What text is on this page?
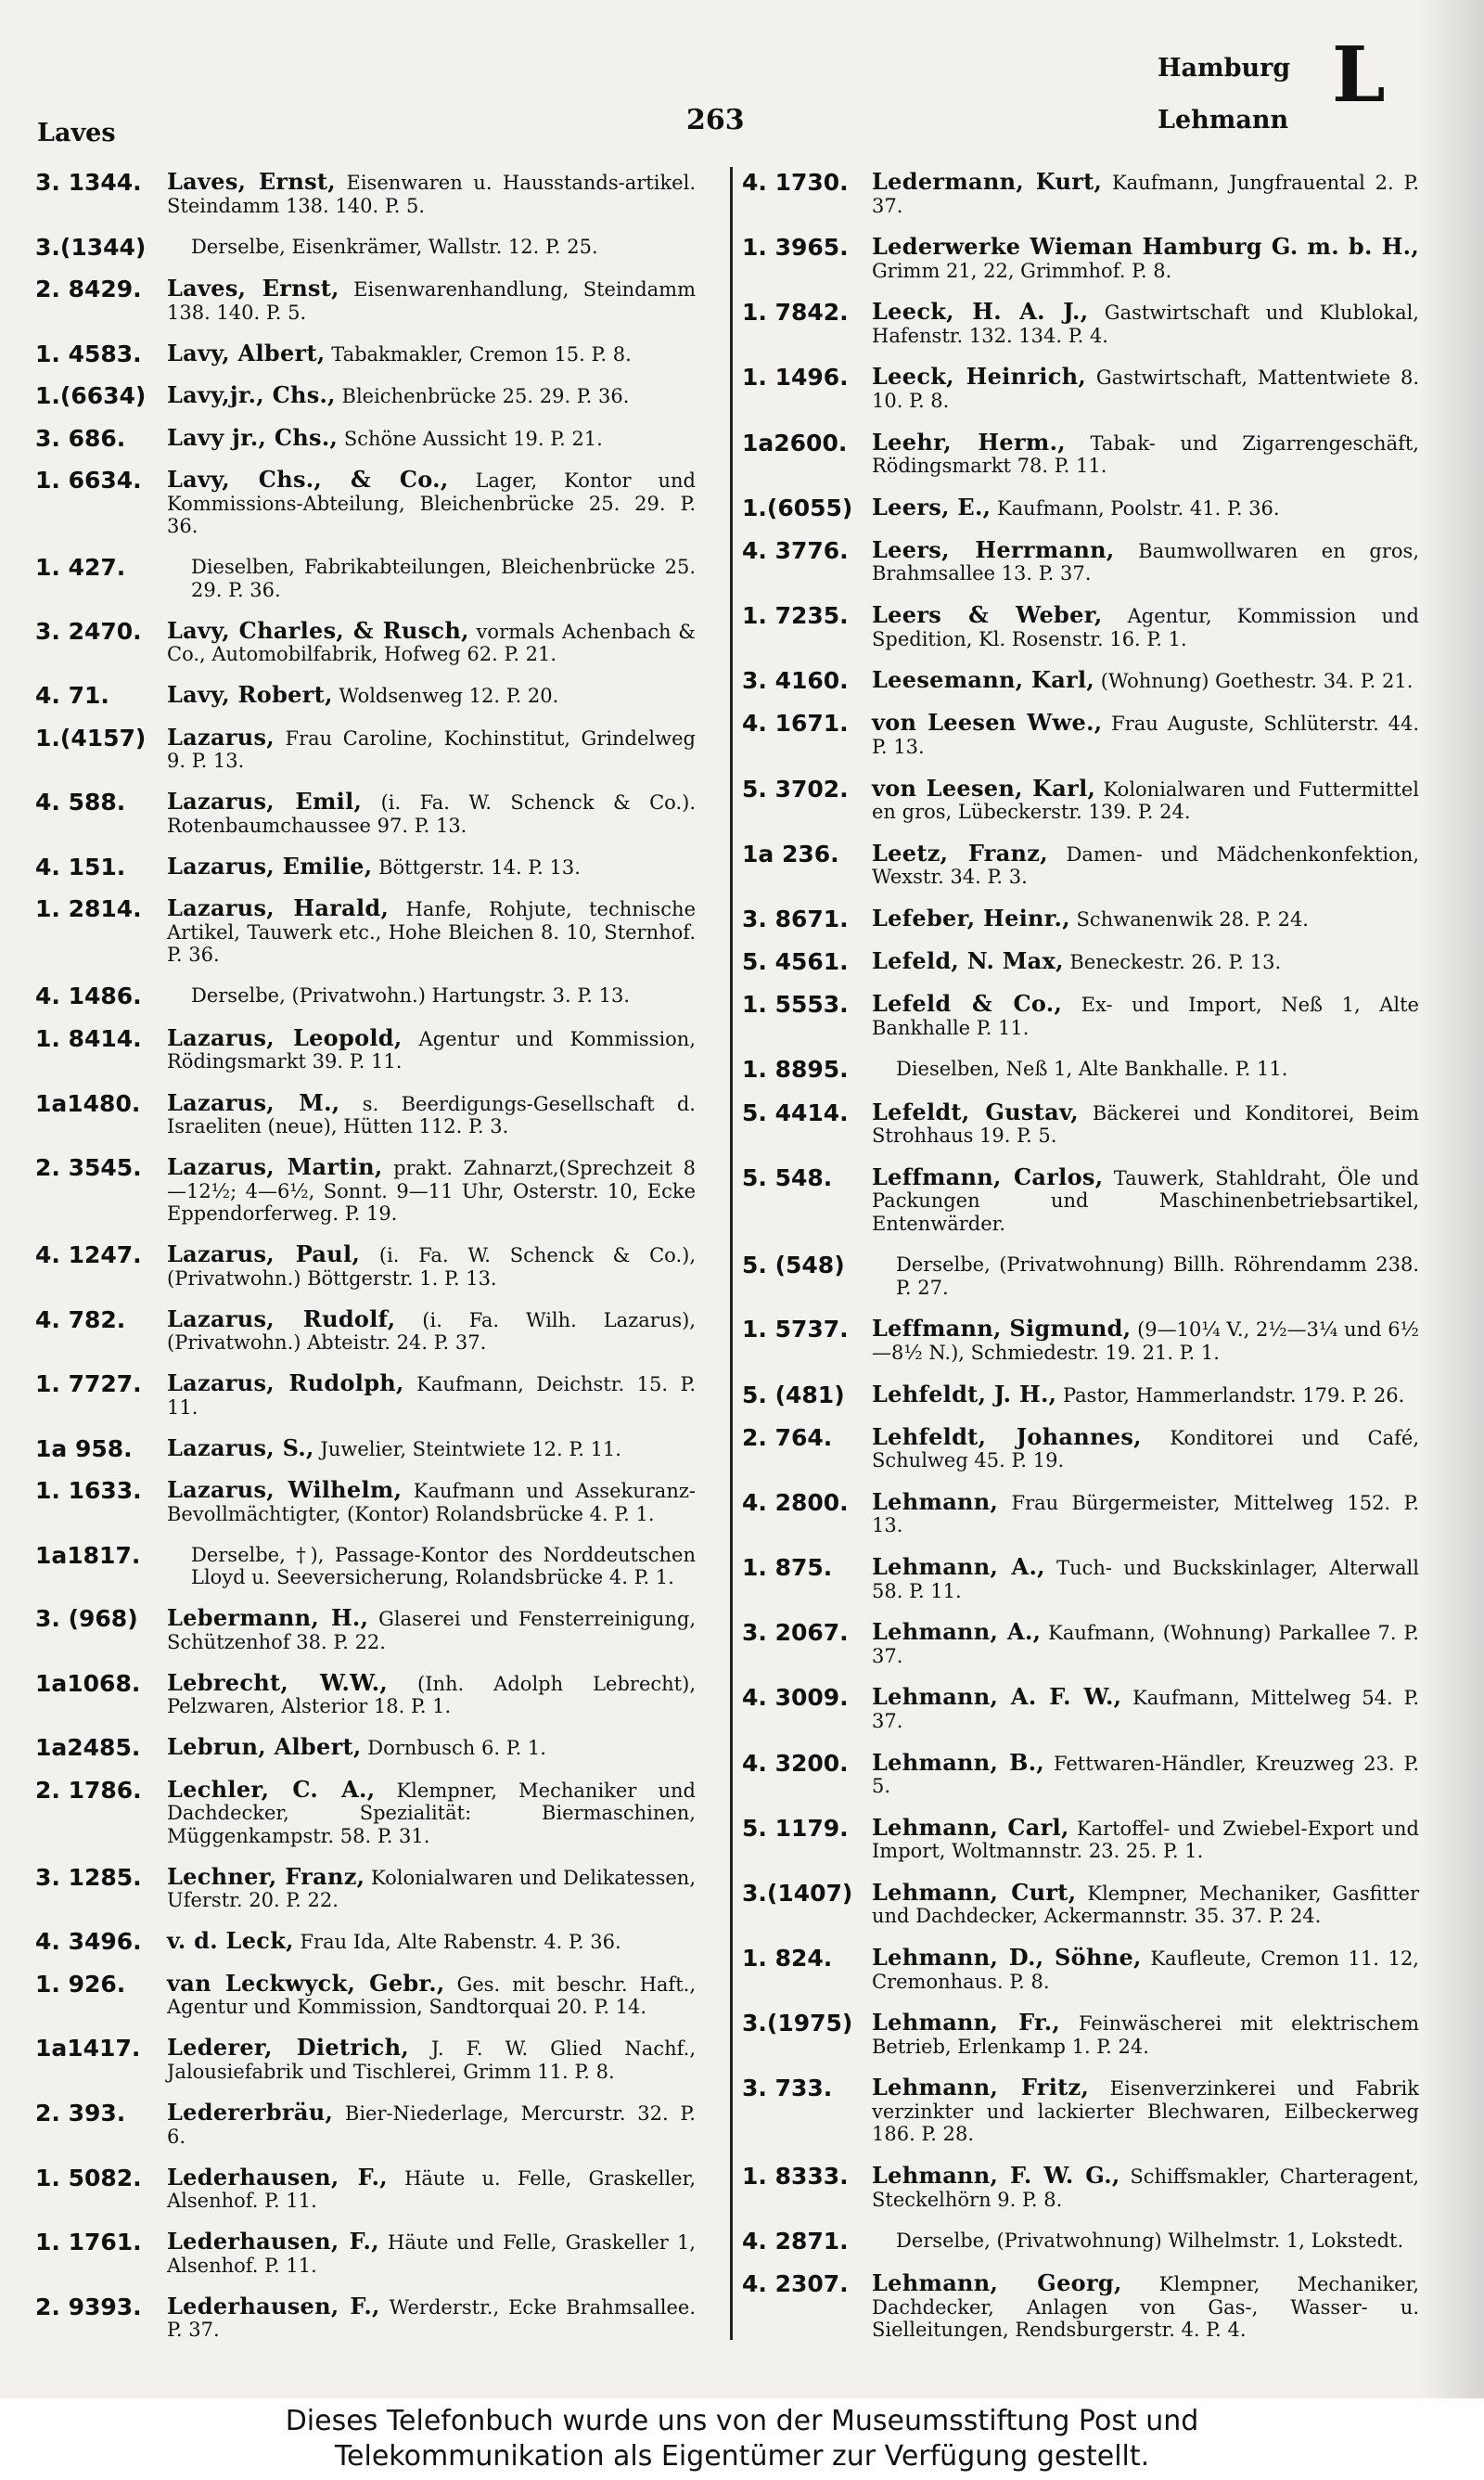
Laves	263
Hamburg
Lehmann
L
3. 1344.	Laves, Ernst, Eisenwaren u. Hausstands-artikel. Steindamm 138. 140. P. 5.
3.(1344)	Derselbe, Eisenkrämer, Wallstr. 12. P. 25.
2. 8429.	Laves, Ernst, Eisenwarenhandlung, Steindamm 138. 140. P. 5.
1. 4583.	Lavy, Albert, Tabakmakler, Cremon 15. P. 8.
1.(6634) Lavy,jr., Chs., Bleichenbrücke 25. 29. P. 36.
3. 686.	Lavy jr., Chs., Schöne Aussicht 19. P. 21.
1. 6634.	Lavy, Chs., & Co., Lager, Kontor und Kommissions-Abteilung, Bleichenbrücke 25. 29. P. 36.
1. 427.	Dieselben, Fabrikabteilungen, Bleichenbrücke 25. 29. P. 36.
3. 2470.	Lavy, Charles, & Rusch, vormals Achenbach & Co., Automobilfabrik, Hofweg 62. P. 21.
4. 71.	Lavy, Robert, Woldsenweg 12. P. 20.
1.(4157) Lazarus, Frau Caroline, Kochinstitut, Grindelweg 9. P. 13.
4. 588.	Lazarus, Emil, (i. Fa. W. Schenck & Co.). Rotenbaumchaussee 97. P. 13.
4. 151.	Lazarus, Emilie, Böttgerstr. 14. P. 13.
1. 2814.	Lazarus, Harald, Hanfe, Rohjute, technische Artikel, Tauwerk etc., Hohe Bleichen 8. 10, Sternhof. P. 36.
4. 1486.	Derselbe, (Privatwohn.) Hartungstr. 3. P. 13.
1. 8414.	Lazarus, Leopold, Agentur und Kommission, Rödingsmarkt 39. P. 11.
1a1480.	Lazarus, M., s. Beerdigungs-Gesellschaft d. Israeliten (neue), Hütten 112. P. 3.
2. 3545.	Lazarus, Martin, prakt. Zahnarzt,(Sprechzeit 8—12½; 4—6½, Sonnt. 9—11 Uhr, Osterstr. 10, Ecke Eppendorferweg. P. 19.
4. 1247.	Lazarus, Paul, (i. Fa. W. Schenck & Co.), (Privatwohn.) Böttgerstr. 1. P. 13.
4. 782.	Lazarus, Rudolf, (i. Fa. Wilh. Lazarus), (Privatwohn.) Abteistr. 24. P. 37.
1. 7727.	Lazarus, Rudolph, Kaufmann, Deichstr. 15. P. 11.
1a 958.	Lazarus, S., Juwelier, Steintwiete 12. P. 11.
1. 1633.	Lazarus, Wilhelm, Kaufmann und Assekuranz-Bevollmächtigter, (Kontor) Rolandsbrücke 4. P. 1.
1a1817.	Derselbe, †), Passage-Kontor des Norddeutschen Lloyd u. Seeversicherung, Rolandsbrücke 4. P. 1.
3. (968)	Lebermann, H., Glaserei und Fensterreinigung, Schützenhof 38. P. 22.
1a1068.	Lebrecht, W.W., (Inh. Adolph Lebrecht), Pelzwaren, Alsterior 18. P. 1.
1a2485.	Lebrun, Albert, Dornbusch 6. P. 1.
2. 1786.	Lechler, C. A., Klempner, Mechaniker und Dachdecker, Spezialität: Biermaschinen, Müggenkampstr. 58. P. 31.
3. 1285.	Lechner, Franz, Kolonialwaren und Delikatessen, Uferstr. 20. P. 22.
4. 3496.	v. d. Leck, Frau Ida, Alte Rabenstr. 4. P. 36.
1. 926.	van Leckwyck, Gebr., Ges. mit beschr. Haft., Agentur und Kommission, Sandtorquai 20. P. 14.
1a1417.	Lederer, Dietrich, J. F. W. Glied Nachf., Jalousiefabrik und Tischlerei, Grimm 11. P. 8.
2. 393.	Ledererbräu, Bier-Niederlage, Mercurstr. 32. P. 6.
1. 5082.	Lederhausen, F., Häute u. Felle, Graskeller, Alsenhof. P. 11.
1. 1761.	Lederhausen, F., Häute und Felle, Graskeller 1, Alsenhof. P. 11.
2. 9393.	Lederhausen, F., Werderstr., Ecke Brahmsallee. P. 37.
4. 1730.	Ledermann, Kurt, Kaufmann, Jungfrauental 2. P. 37.
1. 3965.	Lederwerke Wieman Hamburg G. m. b. H., Grimm 21, 22, Grimmhof. P. 8.
1. 7842.	Leeck, H. A. J., Gastwirtschaft und Klublokal, Hafenstr. 132. 134. P. 4.
1. 1496.	Leeck, Heinrich, Gastwirtschaft, Mattentwiete 8. 10. P. 8.
1a2600.	Leehr, Herm., Tabak- und Zigarrengeschäft, Rödingsmarkt 78. P. 11.
1.(6055) Leers, E., Kaufmann, Poolstr. 41. P. 36.
4. 3776.	Leers, Herrmann, Baumwollwaren en gros, Brahmsallee 13. P. 37.
1. 7235.	Leers & Weber, Agentur, Kommission und Spedition, Kl. Rosenstr. 16. P. 1.
3. 4160.	Leesemann, Karl, (Wohnung) Goethestr. 34. P. 21.
4. 1671.	von Leesen Wwe., Frau Auguste, Schlüterstr. 44. P. 13.
5. 3702.	von Leesen, Karl, Kolonialwaren und Futtermittel en gros, Lübeckerstr. 139. P. 24.
1a 236.	Leetz, Franz, Damen- und Mädchenkonfektion, Wexstr. 34. P. 3.
3. 8671.	Lefeber, Heinr., Schwanenwik 28. P. 24.
5. 4561.	Lefeld, N. Max, Beneckestr. 26. P. 13.
1. 5553.	Lefeld & Co., Ex- und Import, Neß 1, Alte Bankhalle P. 11.
1. 8895.	Dieselben, Neß 1, Alte Bankhalle. P. 11.
5. 4414.	Lefeldt, Gustav, Bäckerei und Konditorei, Beim Strohhaus 19. P. 5.
5. 548.	Leffmann, Carlos, Tauwerk, Stahldraht, Öle und Packungen und Maschinenbetriebsartikel, Entenwärder.
5. (548)	Derselbe, (Privatwohnung) Billh. Röhrendamm 238. P. 27.
1. 5737.	Leffmann, Sigmund, (9—10¼ V., 2½—3¼ und 6½—8½ N.), Schmiedestr. 19. 21. P. 1.
5. (481)	Lehfeldt, J. H., Pastor, Hammerlandstr. 179. P. 26.
2. 764.	Lehfeldt, Johannes, Konditorei und Café, Schulweg 45. P. 19.
4. 2800.	Lehmann, Frau Bürgermeister, Mittelweg 152. P. 13.
1. 875.	Lehmann, A., Tuch- und Buckskinlager, Alterwall 58. P. 11.
3. 2067.	Lehmann, A., Kaufmann, (Wohnung) Parkallee 7. P. 37.
4. 3009.	Lehmann, A. F. W., Kaufmann, Mittelweg 54. P. 37.
4. 3200.	Lehmann, B., Fettwaren-Händler, Kreuzweg 23. P. 5.
5. 1179.	Lehmann, Carl, Kartoffel- und Zwiebel-Export und Import, Woltmannstr. 23. 25. P. 1.
3.(1407) Lehmann, Curt, Klempner, Mechaniker, Gasfitter und Dachdecker, Ackermannstr. 35. 37. P. 24.
1. 824.	Lehmann, D., Söhne, Kaufleute, Cremon 11. 12, Cremonhaus. P. 8.
3.(1975) Lehmann, Fr., Feinwäscherei mit elektrischem Betrieb, Erlenkamp 1. P. 24.
3. 733.	Lehmann, Fritz, Eisenverzinkerei und Fabrik verzinkter und lackierter Blechwaren, Eilbeckerweg 186. P. 28.
1. 8333.	Lehmann, F. W. G., Schiffsmakler, Charteragent, Steckelhörn 9. P. 8.
4. 2871.	Derselbe, (Privatwohnung) Wilhelmstr. 1, Lokstedt.
4. 2307.	Lehmann, Georg, Klempner, Mechaniker, Dachdecker, Anlagen von Gas-, Wasser- u. Sielleitungen, Rendsburgerstr. 4. P. 4.
Dieses Telefonbuch wurde uns von der Museumsstiftung Post und
Telekommunikation als Eigentümer zur Verfügung gestellt.
